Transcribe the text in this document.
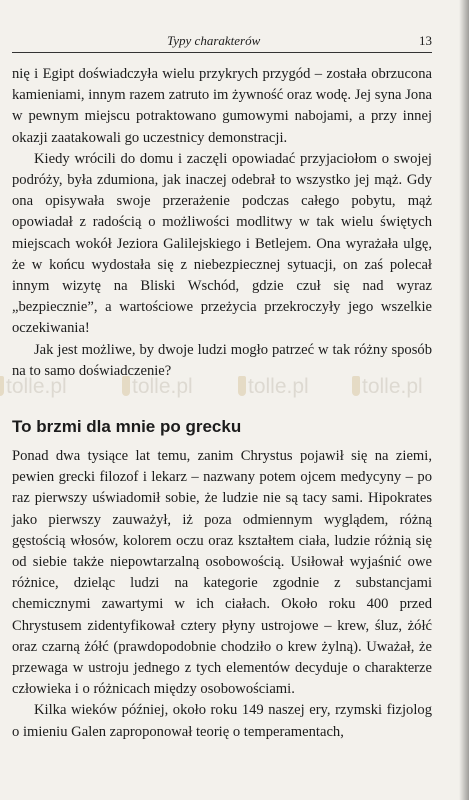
Typy charakterów	13

nię i Egipt doświadczyła wielu przykrych przygód – została obrzucona kamieniami, innym razem zatruto im żywność oraz wodę. Jej syna Jona w pewnym miejscu potraktowano gumowymi nabojami, a przy innej okazji zaatakowali go uczestnicy demonstracji.

Kiedy wrócili do domu i zaczęli opowiadać przyjaciołom o swojej podróży, była zdumiona, jak inaczej odebrał to wszystko jej mąż. Gdy ona opisywała swoje przerażenie podczas całego pobytu, mąż opowiadał z radością o możliwości modlitwy w tak wielu świętych miejscach wokół Jeziora Galilejskiego i Betlejem. Ona wyrażała ulgę, że w końcu wydostała się z niebezpiecznej sytuacji, on zaś polecał innym wizytę na Bliski Wschód, gdzie czuł się nad wyraz „bezpiecznie”, a wartościowe przeżycia przekroczyły jego wszelkie oczekiwania!

Jak jest możliwe, by dwoje ludzi mogło patrzeć w tak różny sposób na to samo doświadczenie?

To brzmi dla mnie po grecku

Ponad dwa tysiące lat temu, zanim Chrystus pojawił się na ziemi, pewien grecki filozof i lekarz – nazwany potem ojcem medycyny – po raz pierwszy uświadomił sobie, że ludzie nie są tacy sami. Hipokrates jako pierwszy zauważył, iż poza odmiennym wyglądem, różną gęstością włosów, kolorem oczu oraz kształtem ciała, ludzie różnią się od siebie także niepowtarzalną osobowością. Usiłował wyjaśnić owe różnice, dzieląc ludzi na kategorie zgodnie z substancjami chemicznymi zawartymi w ich ciałach. Około roku 400 przed Chrystusem zidentyfikował cztery płyny ustrojowe – krew, śluz, żółć oraz czarną żółć (prawdopodobnie chodziło o krew żylną). Uważał, że przewaga w ustroju jednego z tych elementów decyduje o charakterze człowieka i o różnicach między osobowościami.

Kilka wieków później, około roku 149 naszej ery, rzymski fizjolog o imieniu Galen zaproponował teorię o temperamentach,

tolle.pl	tolle.pl	tolle.pl	tolle.pl
